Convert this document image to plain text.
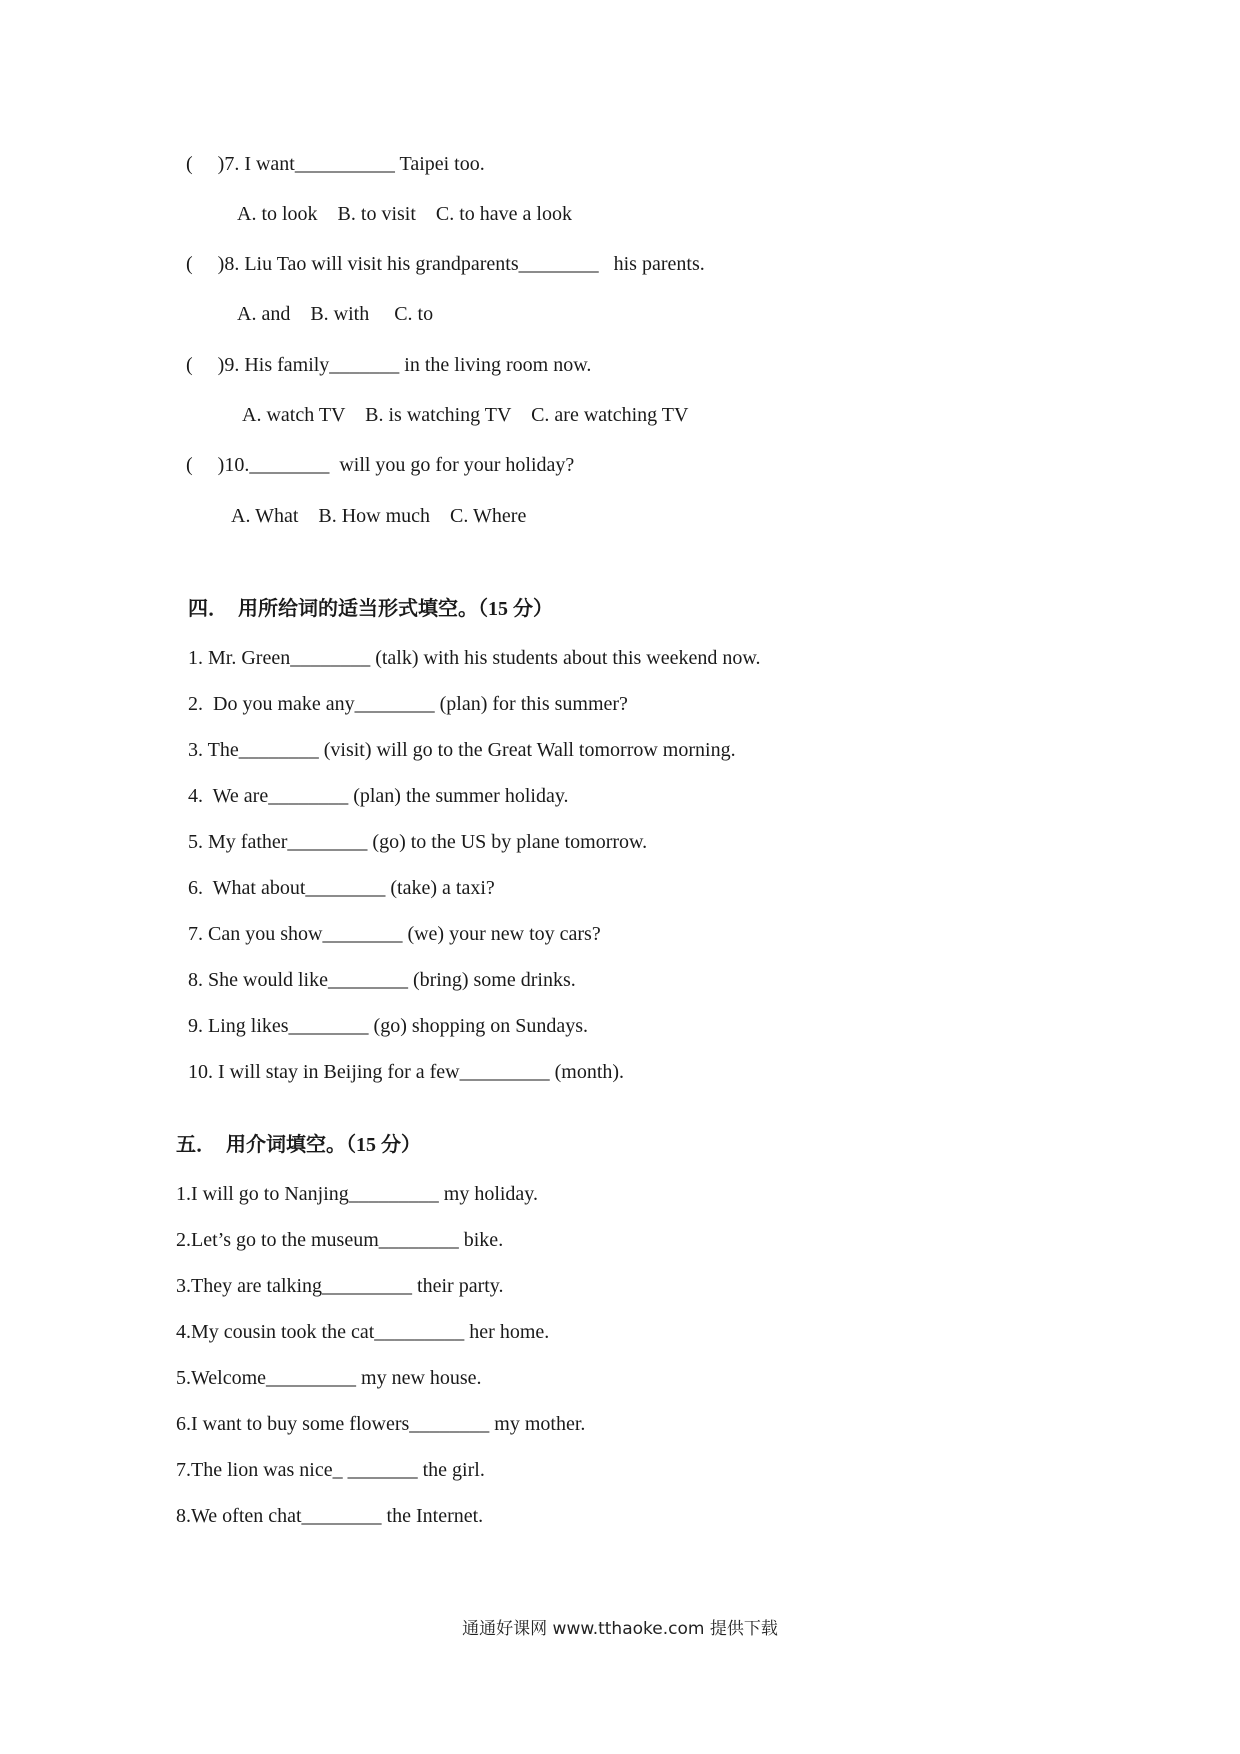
(     )7. I want__________ Taipei too.
A. to look    B. to visit    C. to have a look
(     )8. Liu Tao will visit his grandparents________   his parents.
A. and    B. with     C. to
(     )9. His family_______ in the living room now.
A. watch TV    B. is watching TV    C. are watching TV
(     )10.________  will you go for your holiday?
A. What    B. How much    C. Where
四．  用所给词的适当形式填空。（15 分）
1. Mr. Green________ (talk) with his students about this weekend now.
2.  Do you make any________ (plan) for this summer?
3. The________ (visit) will go to the Great Wall tomorrow morning.
4.  We are________ (plan) the summer holiday.
5. My father________ (go) to the US by plane tomorrow.
6.  What about________ (take) a taxi?
7. Can you show________ (we) your new toy cars?
8. She would like________ (bring) some drinks.
9. Ling likes________ (go) shopping on Sundays.
10. I will stay in Beijing for a few_________ (month).
五．  用介词填空。（15 分）
1.I will go to Nanjing_________ my holiday.
2.Let’s go to the museum________ bike.
3.They are talking_________ their party.
4.My cousin took the cat_________ her home.
5.Welcome_________ my new house.
6.I want to buy some flowers________ my mother.
7.The lion was nice_ _______ the girl.
8.We often chat________ the Internet.
通通好课网 www.tthaoke.com 提供下载
